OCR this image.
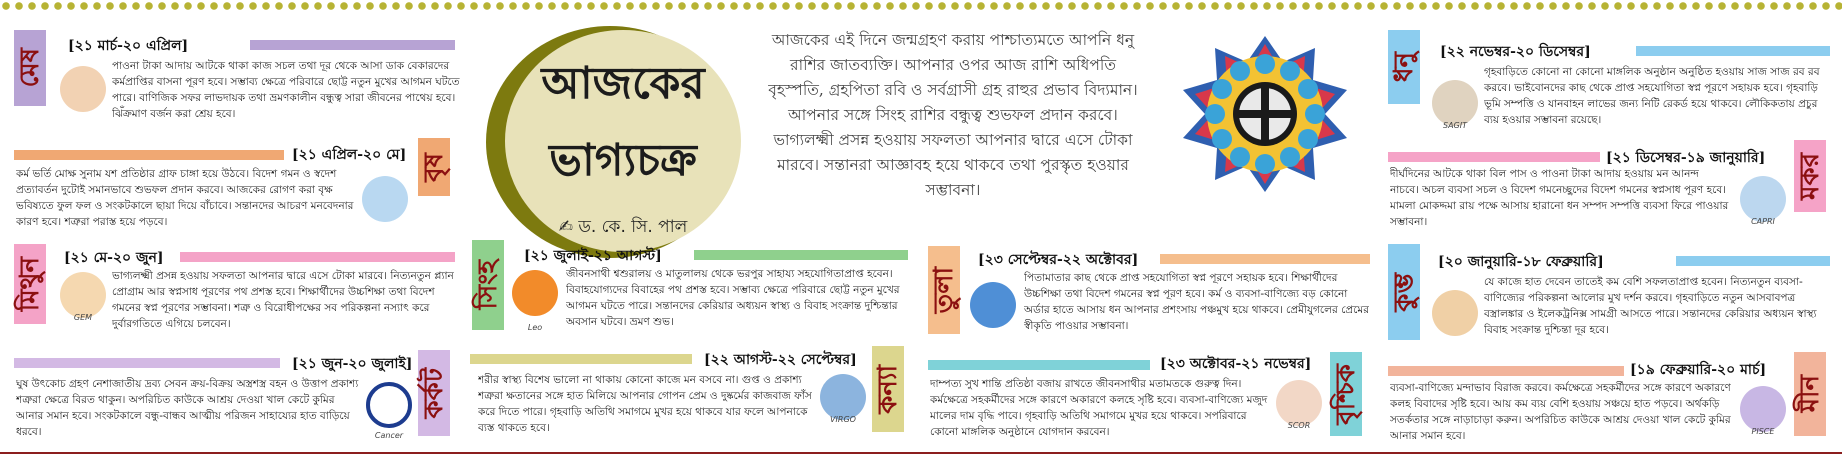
আজকের
ভাগ্যচক্র
✍ ড. কে. সি. পাল
আজকের এই দিনে জন্মগ্রহণ করায় পাশ্চাত্যমতে আপনি ধনু রাশির জাতব্যক্তি। আপনার ওপর আজ রাশি অধিপতি বৃহস্পতি, গ্রহপিতা রবি ও সর্বগ্রাসী গ্রহ রাহুর প্রভাব বিদ্যমান। আপনার সঙ্গে সিংহ রাশির বন্ধুত্ব শুভফল প্রদান করবে। ভাগ্যলক্ষ্মী প্রসন্ন হওয়ায় সফলতা আপনার দ্বারে এসে টোকা মারবে। সন্তানরা আজ্ঞাবহ হয়ে থাকবে তথা পুরস্কৃত হওয়ার সম্ভাবনা।
মেষ
[২১ মার্চ-২০ এপ্রিল]
পাওনা টাকা আদায় আটকে থাকা কাজ সচল তথা দূর থেকে আসা ডাক বেকারদের কর্মপ্রাপ্তির বাসনা পূরণ হবে। সম্ভাব্য ক্ষেত্রে পরিবারে ছোট্ট নতুন মুখের আগমন ঘটতে পারে। বাণিজিক সফর লাভদায়ক তথা ভ্রমণকালীন বন্ধুত্ব সারা জীবনের পাথেয় হবে। ঝিঁক্রমাণ বর্জন করা শ্রেয় হবে।
[২১ এপ্রিল-২০ মে] বৃষ
কর্ম ভর্তি মোক্ষ সুনাম যশ প্রতিষ্ঠার গ্রাফ চাঙ্গা হয়ে উঠবে। বিদেশ গমন ও স্বদেশ প্রত্যাবর্তন দুটোই সমানভাবে শুভফল প্রদান করবে। আজকের রোগণ করা বৃক্ষ ভবিষ্যতে ফুল ফল ও সংকটকালে ছায়া দিয়ে বাঁচাবে। সন্তানদের আচরণ মনবেদনার কারণ হবে। শত্রুরা পরাস্ত হয়ে পড়বে।
মিথুন	[২১ মে-২০ জুন]
GEM
ভাগ্যলক্ষ্মী প্রসন্ন হওয়ায় সফলতা আপনার দ্বারে এসে টোকা মারবে। নিত্যনতুন প্ল্যান প্রোগ্রাম আর স্বপ্নসাধ পূরণের পথ প্রশস্ত হবে। শিক্ষার্থীদের উচ্চশিক্ষা তথা বিদেশ গমনের স্বপ্ন পূরণের সম্ভাবনা। শত্রু ও বিরোধীপক্ষের সব পরিকল্পনা নস্যাৎ করে দুর্বারগতিতে এগিয়ে চলবেন।
[২১ জুন-২০ জুলাই]
কর্কট
Cancer
ঘুষ উৎকোচ গ্রহণ নেশাজাতীয় দ্রব্য সেবন ক্রয়-বিক্রয় অস্ত্রশস্ত্র বহন ও উত্তাপ প্রকাশ্য শত্রুরা ক্ষেত্রে বিরত থাকুন। অপরিচিত কাউকে আশ্রয় দেওয়া খাল কেটে কুমির আনার সমান হবে। সংকটকালে বন্ধু-বান্ধব আত্মীয় পরিজন সাহায্যের হাত বাড়িয়ে ধরবে।
সিংহ
[২১ জুলাই-২১ আগস্ট]
Leo
জীবনসাথী শ্বশুরালয় ও মাতুলালয় থেকে ভরপুর সাহায্য সহযোগিতাপ্রাপ্ত হবেন। বিবাহযোগ্যদের বিবাহের পথ প্রশস্ত হবে। সম্ভাব্য ক্ষেত্রে পরিবারে ছোট্ট নতুন মুখের আগমন ঘটতে পারে। সন্তানদের কেরিয়ার অধ্যয়ন স্বাস্থ্য ও বিবাহ সংক্রান্ত দুশ্চিন্তার অবসান ঘটবে। ভ্রমণ শুভ।
[২২ আগস্ট-২২ সেপ্টেম্বর]
কন্যা
VIRGO
শরীর স্বাস্থ্য বিশেষ ভালো না থাকায় কোনো কাজে মন বসবে না। গুপ্ত ও প্রকাশ্য শত্রুরা ক্ষতানের সঙ্গে হাত মিলিয়ে আপনার গোপন প্রেম ও দুষ্কর্মের কাজবাজ ফাঁস করে দিতে পারে। গৃহবাড়ি অতিথি সমাগমে মুখর হয়ে থাকবে যার ফলে আপনাকে ব্যস্ত থাকতে হবে।
তুলা
[২৩ সেপ্টেম্বর-২২ অক্টোবর]
পিতামাতার কাছ থেকে প্রাপ্ত সহযোগিতা স্বপ্ন পূরণে সহায়ক হবে। শিক্ষার্থীদের উচ্চশিক্ষা তথা বিদেশ গমনের স্বপ্ন পূরণ হবে। কর্ম ও ব্যবসা-বাণিজ্যে বড় কোনো অর্ডার হাতে আসায় ধন আপনার প্রশংসায় পঞ্চমুখ হয়ে থাকবে। প্রেমীযুগলের প্রেমের স্বীকৃতি পাওয়ার সম্ভাবনা।
[২৩ অক্টোবর-২১ নভেম্বর] বৃশ্চিক
SCOR
দাম্পত্য সুখ শান্তি প্রতিষ্ঠা বজায় রাখতে জীবনসাথীর মতামতকে গুরুত্ব দিন। কর্মক্ষেত্রে সহকর্মীদের সঙ্গে কারণে অকারণে কলহে সৃষ্টি হবে। ব্যবসা-বাণিজ্যে মজুদ মালের দাম বৃদ্ধি পাবে। গৃহবাড়ি অতিথি সমাগমে মুখর হয়ে থাকবে। সপরিবারে কোনো মাঙ্গলিক অনুষ্ঠানে যোগদান করবেন।
ধনু	[২২ নভেম্বর-২০ ডিসেম্বর]
SAGIT
গৃহবাড়িতে কোনো না কোনো মাঙ্গলিক অনুষ্ঠান অনুষ্ঠিত হওয়ায় সাজ সাজ রব রব করবে। ভাইবোনদের কাছ থেকে প্রাপ্ত সহযোগিতা স্বপ্ন পূরণে সহায়ক হবে। গৃহবাড়ি ভূমি সম্পত্তি ও যানবাহন লাভের জন্য নিটি রেকর্ড হয়ে থাকবে। লৌকিকতায় প্রচুর ব্যয় হওয়ার সম্ভাবনা রয়েছে।
[২১ ডিসেম্বর-১৯ জানুয়ারি] মকর
CAPRI
দীর্ঘদিনের আটকে থাকা বিল পাস ও পাওনা টাকা আদায় হওয়ায় মন আনন্দ নাচবে। অচল ব্যবসা সচল ও বিদেশ গমনেচ্ছুদের বিদেশ গমনের স্বপ্নসাধ পূরণ হবে। মামলা মোকদ্দমা রায় পক্ষে আসায় হারানো ধন সম্পদ সম্পত্তি ব্যবসা ফিরে পাওয়ার সম্ভাবনা।
কুম্ভ
[২০ জানুয়ারি-১৮ ফেব্রুয়ারি]
যে কাজে হাত দেবেন তাতেই কম বেশি সফলতাপ্রাপ্ত হবেন। নিত্যনতুন ব্যবসা-বাণিজ্যের পরিকল্পনা আলোর মুখ দর্শন করবে। গৃহবাড়িতে নতুন আসবাবপত্র বস্ত্রালঙ্কার ও ইলেকট্রনিক্স সামগ্রী আসতে পারে। সন্তানদের কেরিয়ার অধ্যয়ন স্বাস্থ্য বিবাহ সংক্রান্ত দুশ্চিন্তা দূর হবে।
[১৯ ফেব্রুয়ারি-২০ মার্চ]
মীন
PISCE
ব্যবসা-বাণিজ্যে মন্দাভাব বিরাজ করবে। কর্মক্ষেত্রে সহকর্মীদের সঙ্গে কারণে অকারণে কলহ বিবাদের সৃষ্টি হবে। আয় কম ব্যয় বেশি হওয়ায় সঞ্চয়ে হাত পড়বে। অর্থকড়ি সতর্কতার সঙ্গে নাড়াচাড়া করুন। অপরিচিত কাউকে আশ্রয় দেওয়া খাল কেটে কুমির আনার সমান হবে।
